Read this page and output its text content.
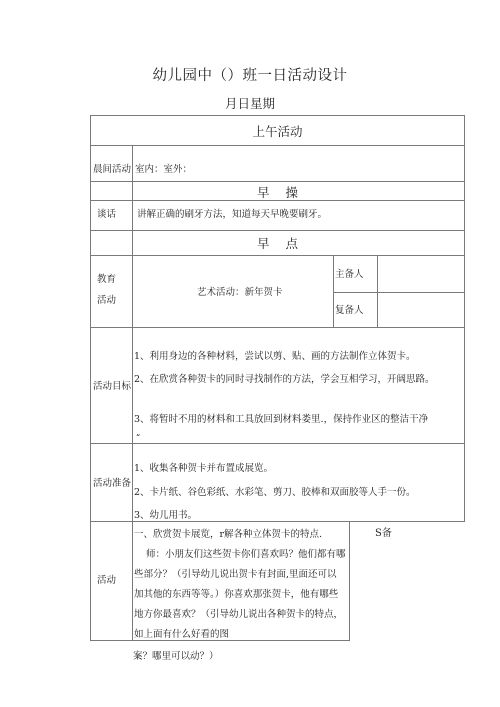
幼儿园中（）班一日活动设计
月日星期
上午活动
早    操
早    点
晨间活动 室内：室外：
谈话 讲解正确的刷牙方法，知道每天早晚要刷牙。
教育
活动
艺术活动：新年贺卡
主备人
复备人
活动目标
1、利用身边的各种材料，尝试以剪、贴、画的方法制作立体贺卡。
2、在欣赏各种贺卡的同时寻找制作的方法，学会互相学习，开阔思路。
3、将暂时不用的材料和工具放回到材料娄里.，保持作业区的整洁干净
“
活动准备
1、收集各种贺卡并布置成展览。
2、卡片纸、谷色彩纸、水彩笔、剪刀、胶棒和双面胶等人手一份。
3、幼儿用书。
活动
一、欣赏贺卡展览，r解各种立体贺卡的特点.
师：小朋友们这些贺卡你们喜欢吗？他们都有哪些部分？（引导幼儿说出贺卡有封面,里面还可以加其他的东西等等。）你喜欢那张贺卡，他有哪些地方你最喜欢？（引导幼儿说出各种贺卡的特点，如上面有什么好看的图
S备
案？哪里可以动？）
